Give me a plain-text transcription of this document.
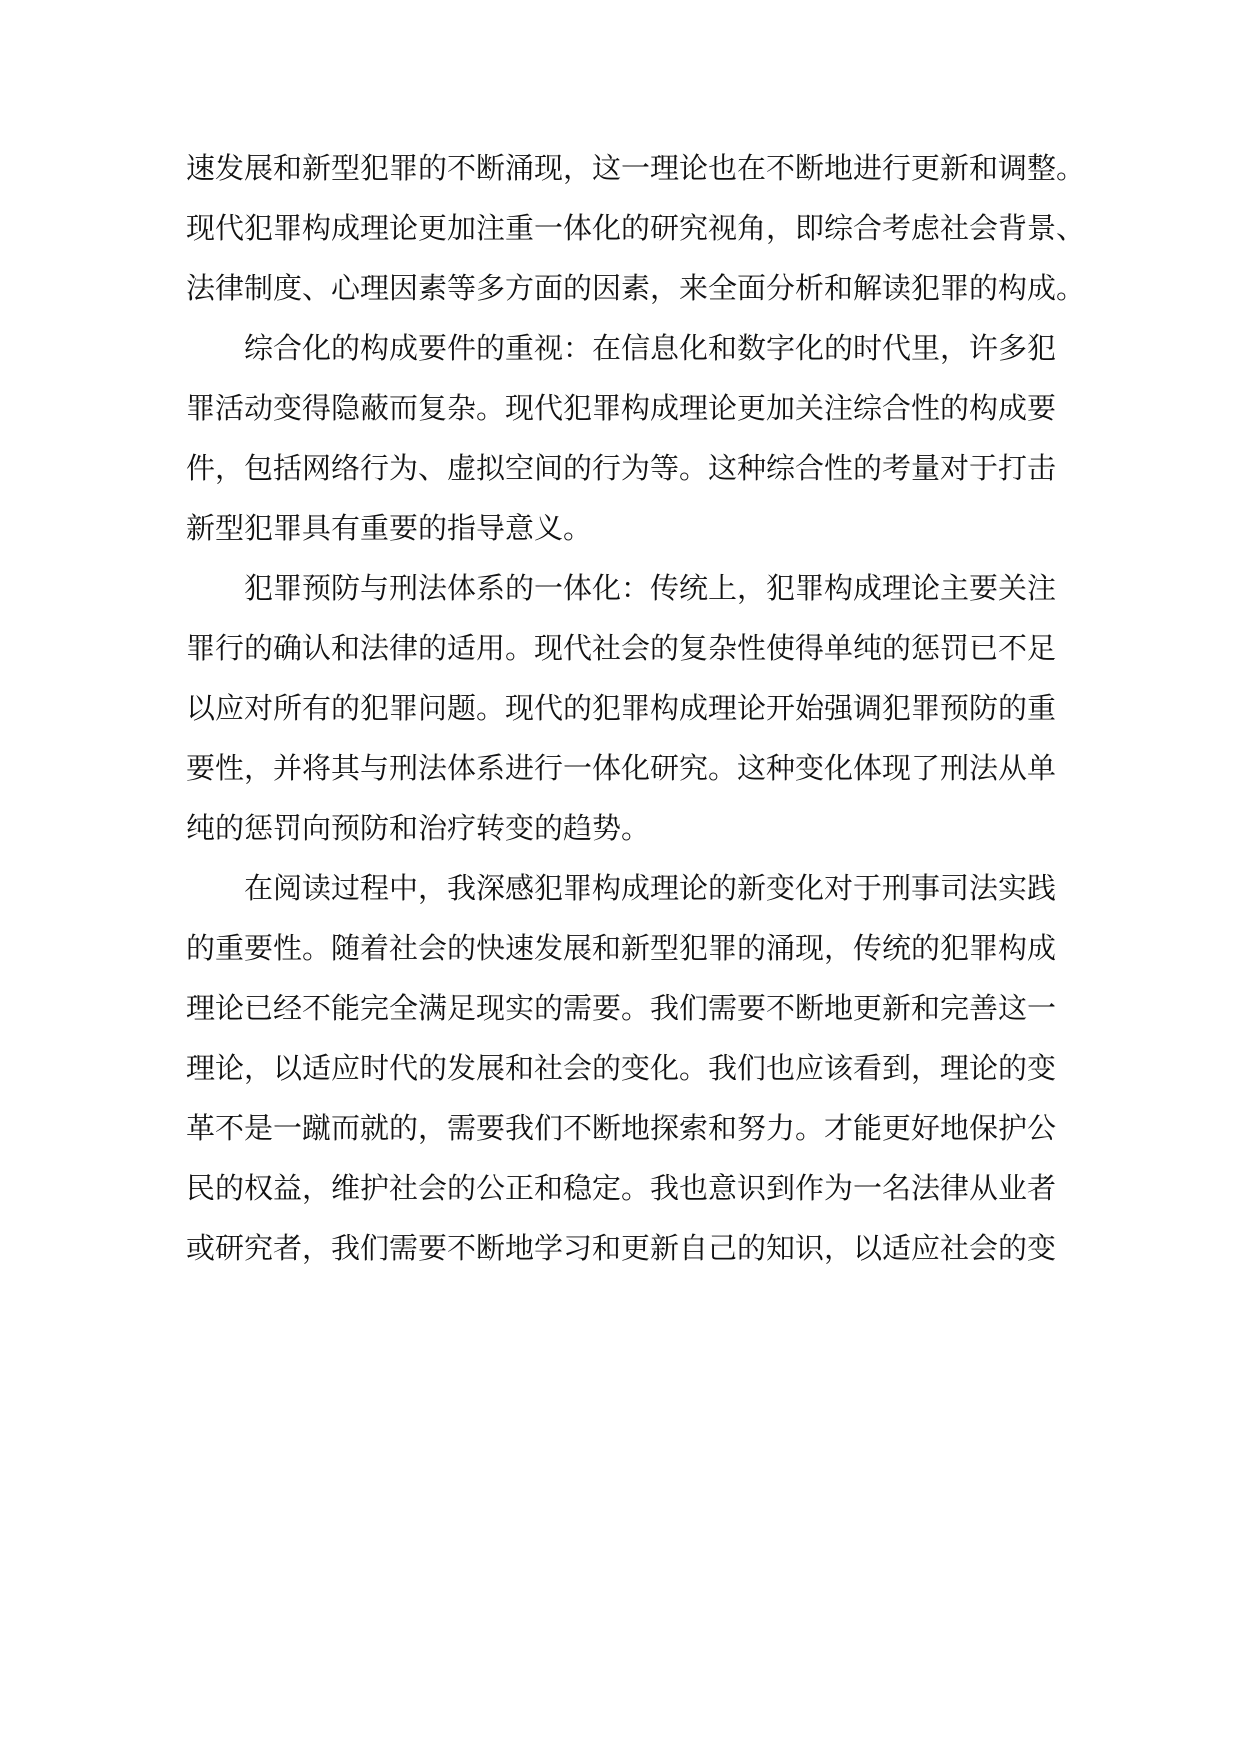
速发展和新型犯罪的不断涌现，这一理论也在不断地进行更新和调整。
现代犯罪构成理论更加注重一体化的研究视角，即综合考虑社会背景、
法律制度、心理因素等多方面的因素，来全面分析和解读犯罪的构成。
综合化的构成要件的重视：在信息化和数字化的时代里，许多犯
罪活动变得隐蔽而复杂。现代犯罪构成理论更加关注综合性的构成要
件，包括网络行为、虚拟空间的行为等。这种综合性的考量对于打击
新型犯罪具有重要的指导意义。
犯罪预防与刑法体系的一体化：传统上，犯罪构成理论主要关注
罪行的确认和法律的适用。现代社会的复杂性使得单纯的惩罚已不足
以应对所有的犯罪问题。现代的犯罪构成理论开始强调犯罪预防的重
要性，并将其与刑法体系进行一体化研究。这种变化体现了刑法从单
纯的惩罚向预防和治疗转变的趋势。
在阅读过程中，我深感犯罪构成理论的新变化对于刑事司法实践
的重要性。随着社会的快速发展和新型犯罪的涌现，传统的犯罪构成
理论已经不能完全满足现实的需要。我们需要不断地更新和完善这一
理论，以适应时代的发展和社会的变化。我们也应该看到，理论的变
革不是一蹴而就的，需要我们不断地探索和努力。才能更好地保护公
民的权益，维护社会的公正和稳定。我也意识到作为一名法律从业者
或研究者，我们需要不断地学习和更新自己的知识，以适应社会的变
